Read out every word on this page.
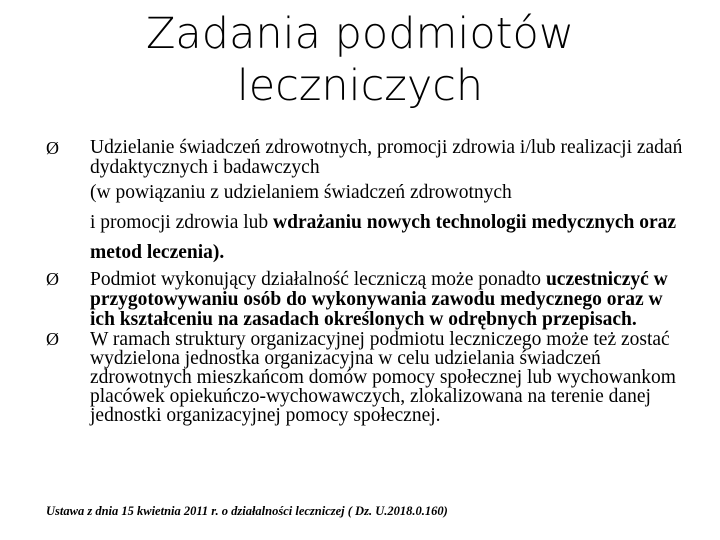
Zadania podmiotów
leczniczych
Ø Udzielanie świadczeń zdrowotnych, promocji zdrowia i/lub realizacji zadań dydaktycznych i badawczych
(w powiązaniu z udzielaniem świadczeń zdrowotnych
i promocji zdrowia lub wdrażaniu nowych technologii medycznych oraz metod leczenia).
Ø Podmiot wykonujący działalność leczniczą może ponadto uczestniczyć w przygotowywaniu osób do wykonywania zawodu medycznego oraz w ich kształceniu na zasadach określonych w odrębnych przepisach.
Ø W ramach struktury organizacyjnej podmiotu leczniczego może też zostać wydzielona jednostka organizacyjna w celu udzielania świadczeń zdrowotnych mieszkańcom domów pomocy społecznej lub wychowankom placówek opiekuńczo-wychowawczych, zlokalizowana na terenie danej jednostki organizacyjnej pomocy społecznej.
Ustawa z dnia 15 kwietnia 2011 r. o działalności leczniczej ( Dz. U.2018.0.160)
